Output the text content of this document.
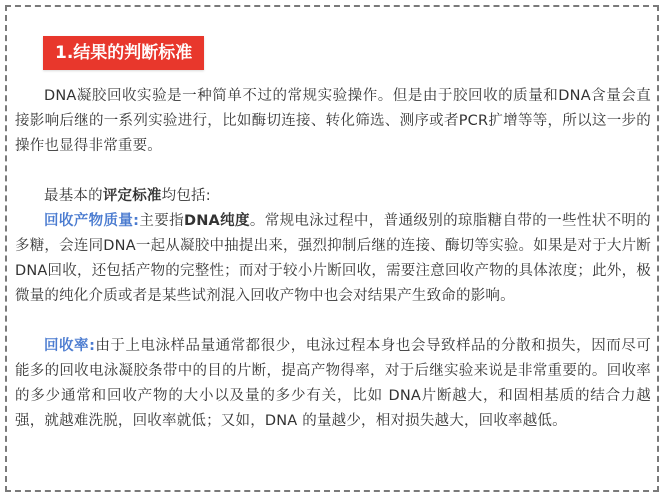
1.结果的判断标准

DNA凝胶回收实验是一种简单不过的常规实验操作。但是由于胶回收的质量和DNA含量会直接影响后继的一系列实验进行，比如酶切连接、转化筛选、测序或者PCR扩增等等，所以这一步的操作也显得非常重要。

最基本的评定标准均包括:

回收产物质量:主要指DNA纯度。常规电泳过程中，普通级别的琼脂糖自带的一些性状不明的多糖，会连同DNA一起从凝胶中抽提出来，强烈抑制后继的连接、酶切等实验。如果是对于大片断DNA回收，还包括产物的完整性；而对于较小片断回收，需要注意回收产物的具体浓度；此外，极微量的纯化介质或者是某些试剂混入回收产物中也会对结果产生致命的影响。

回收率:由于上电泳样品量通常都很少，电泳过程本身也会导致样品的分散和损失，因而尽可能多的回收电泳凝胶条带中的目的片断，提高产物得率，对于后继实验来说是非常重要的。回收率的多少通常和回收产物的大小以及量的多少有关，比如 DNA片断越大，和固相基质的结合力越强，就越难洗脱，回收率就低；又如，DNA 的量越少，相对损失越大，回收率越低。
